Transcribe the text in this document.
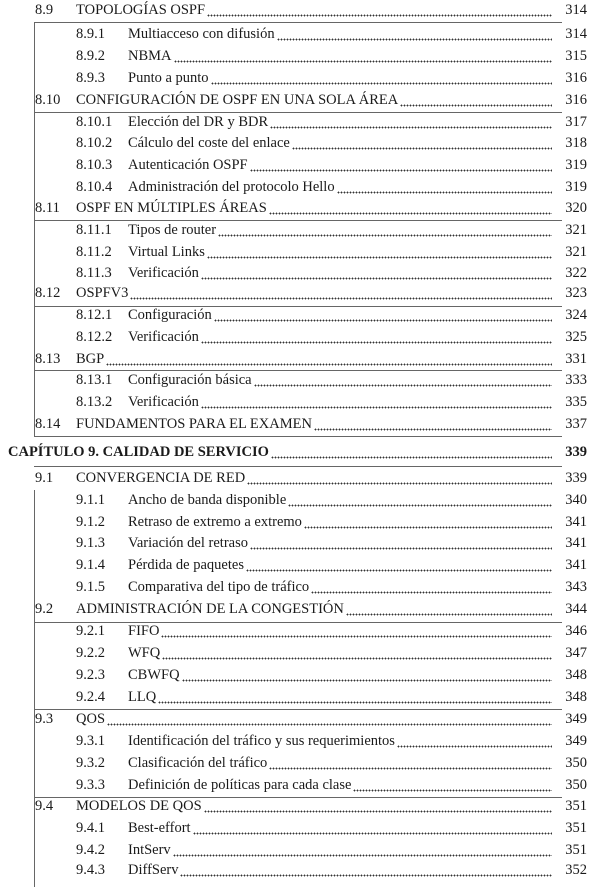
8.9 TOPOLOGÍAS OSPF	314
8.9.1 Multiacceso con difusión	314
8.9.2 NBMA	315
8.9.3 Punto a punto	316
8.10 CONFIGURACIÓN DE OSPF EN UNA SOLA ÁREA	316
8.10.1 Elección del DR y BDR	317
8.10.2 Cálculo del coste del enlace	318
8.10.3 Autenticación OSPF	319
8.10.4 Administración del protocolo Hello	319
8.11 OSPF EN MÚLTIPLES ÁREAS	320
8.11.1 Tipos de router	321
8.11.2 Virtual Links	321
8.11.3 Verificación	322
8.12 OSPFV3	323
8.12.1 Configuración	324
8.12.2 Verificación	325
8.13 BGP	331
8.13.1 Configuración básica	333
8.13.2 Verificación	335
8.14 FUNDAMENTOS PARA EL EXAMEN	337
CAPÍTULO 9. CALIDAD DE SERVICIO	339
9.1 CONVERGENCIA DE RED	339
9.1.1 Ancho de banda disponible	340
9.1.2 Retraso de extremo a extremo	341
9.1.3 Variación del retraso	341
9.1.4 Pérdida de paquetes	341
9.1.5 Comparativa del tipo de tráfico	343
9.2 ADMINISTRACIÓN DE LA CONGESTIÓN	344
9.2.1 FIFO	346
9.2.2 WFQ	347
9.2.3 CBWFQ	348
9.2.4 LLQ	348
9.3 QOS	349
9.3.1 Identificación del tráfico y sus requerimientos	349
9.3.2 Clasificación del tráfico	350
9.3.3 Definición de políticas para cada clase	350
9.4 MODELOS DE QOS	351
9.4.1 Best-effort	351
9.4.2 IntServ	351
9.4.3 DiffServ	352
